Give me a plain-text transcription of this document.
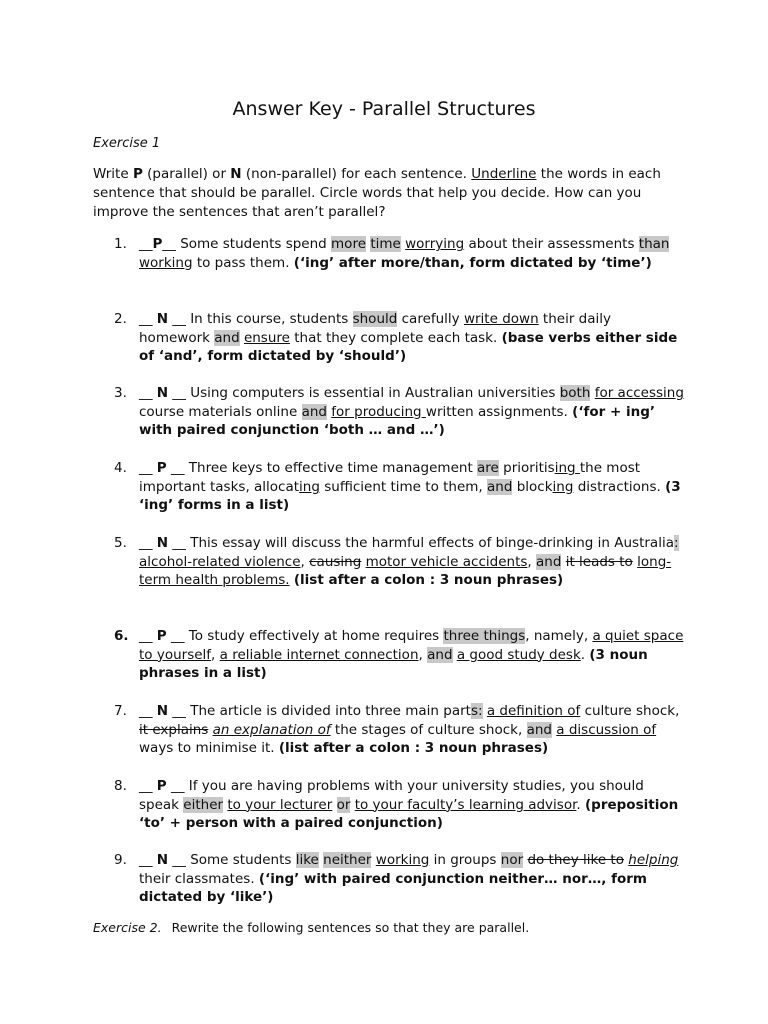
Answer Key - Parallel Structures
Exercise 1
Write P (parallel) or N (non-parallel) for each sentence. Underline the words in each sentence that should be parallel. Circle words that help you decide. How can you improve the sentences that aren’t parallel?
1. __P__ Some students spend more time worrying about their assessments than working to pass them. (‘ing’ after more/than, form dictated by ‘time’)
2. __ N __ In this course, students should carefully write down their daily homework and ensure that they complete each task. (base verbs either side of ‘and’, form dictated by ‘should’)
3. __ N __ Using computers is essential in Australian universities both for accessing course materials online and for producing written assignments. (‘for + ing’ with paired conjunction ‘both … and …’)
4. __ P __ Three keys to effective time management are prioritising the most important tasks, allocating sufficient time to them, and blocking distractions. (3 ‘ing’ forms in a list)
5. __ N __ This essay will discuss the harmful effects of binge-drinking in Australia: alcohol-related violence, causing motor vehicle accidents, and it leads to long-term health problems. (list after a colon : 3 noun phrases)
6. __ P __ To study effectively at home requires three things, namely, a quiet space to yourself, a reliable internet connection, and a good study desk. (3 noun phrases in a list)
7. __ N __ The article is divided into three main parts: a definition of culture shock, it explains an explanation of the stages of culture shock, and a discussion of ways to minimise it. (list after a colon : 3 noun phrases)
8. __ P __ If you are having problems with your university studies, you should speak either to your lecturer or to your faculty’s learning advisor. (preposition ‘to’ + person with a paired conjunction)
9. __ N __ Some students like neither working in groups nor do they like to helping their classmates. (‘ing’ with paired conjunction neither… nor…, form dictated by ‘like’)
Exercise 2. Rewrite the following sentences so that they are parallel.
